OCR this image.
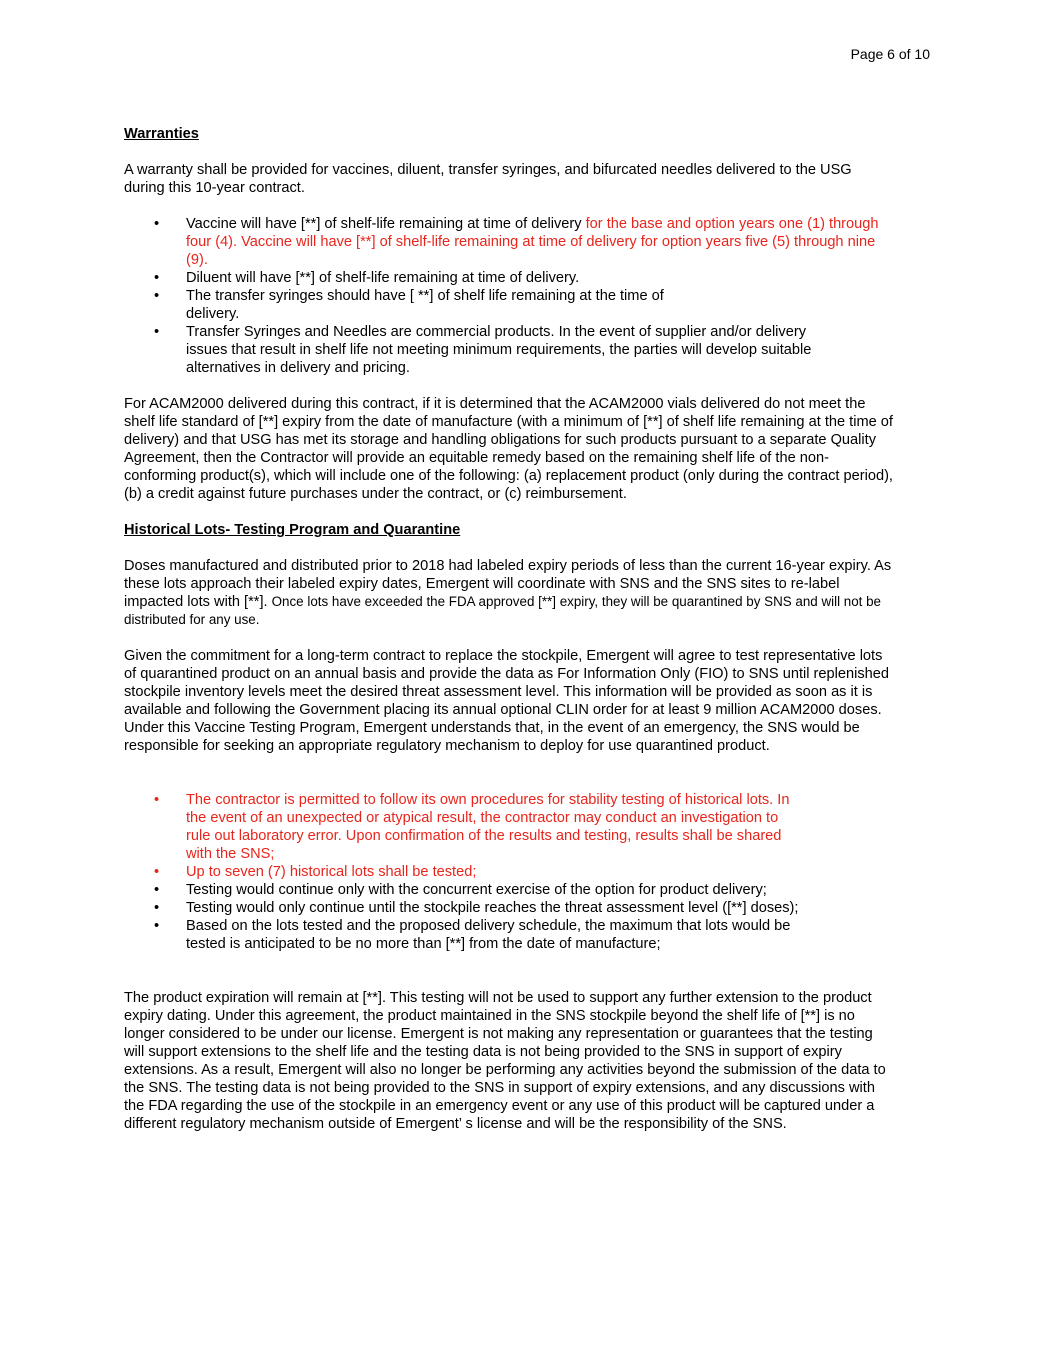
Page 6 of 10
Warranties

A warranty shall be provided for vaccines, diluent, transfer syringes, and bifurcated needles delivered to the USG during this 10-year contract.

• Vaccine will have [**] of shelf-life remaining at time of delivery for the base and option years one (1) through four (4). Vaccine will have [**] of shelf-life remaining at time of delivery for option years five (5) through nine (9).
• Diluent will have [**] of shelf-life remaining at time of delivery.
• The transfer syringes should have [ **] of shelf life remaining at the time of delivery.
• Transfer Syringes and Needles are commercial products. In the event of supplier and/or delivery issues that result in shelf life not meeting minimum requirements, the parties will develop suitable alternatives in delivery and pricing.

For ACAM2000 delivered during this contract, if it is determined that the ACAM2000 vials delivered do not meet the shelf life standard of [**] expiry from the date of manufacture (with a minimum of [**] of shelf life remaining at the time of delivery) and that USG has met its storage and handling obligations for such products pursuant to a separate Quality Agreement, then the Contractor will provide an equitable remedy based on the remaining shelf life of the non-conforming product(s), which will include one of the following: (a) replacement product (only during the contract period), (b) a credit against future purchases under the contract, or (c) reimbursement.

Historical Lots- Testing Program and Quarantine

Doses manufactured and distributed prior to 2018 had labeled expiry periods of less than the current 16-year expiry. As these lots approach their labeled expiry dates, Emergent will coordinate with SNS and the SNS sites to re-label impacted lots with [**]. Once lots have exceeded the FDA approved [**] expiry, they will be quarantined by SNS and will not be distributed for any use.

Given the commitment for a long-term contract to replace the stockpile, Emergent will agree to test representative lots of quarantined product on an annual basis and provide the data as For Information Only (FIO) to SNS until replenished stockpile inventory levels meet the desired threat assessment level. This information will be provided as soon as it is available and following the Government placing its annual optional CLIN order for at least 9 million ACAM2000 doses. Under this Vaccine Testing Program, Emergent understands that, in the event of an emergency, the SNS would be responsible for seeking an appropriate regulatory mechanism to deploy for use quarantined product.

• The contractor is permitted to follow its own procedures for stability testing of historical lots. In the event of an unexpected or atypical result, the contractor may conduct an investigation to rule out laboratory error. Upon confirmation of the results and testing, results shall be shared with the SNS;
• Up to seven (7) historical lots shall be tested;
• Testing would continue only with the concurrent exercise of the option for product delivery;
• Testing would only continue until the stockpile reaches the threat assessment level ([**] doses);
• Based on the lots tested and the proposed delivery schedule, the maximum that lots would be tested is anticipated to be no more than [**] from the date of manufacture;

The product expiration will remain at [**]. This testing will not be used to support any further extension to the product expiry dating. Under this agreement, the product maintained in the SNS stockpile beyond the shelf life of [**] is no longer considered to be under our license. Emergent is not making any representation or guarantees that the testing will support extensions to the shelf life and the testing data is not being provided to the SNS in support of expiry extensions. As a result, Emergent will also no longer be performing any activities beyond the submission of the data to the SNS. The testing data is not being provided to the SNS in support of expiry extensions, and any discussions with the FDA regarding the use of the stockpile in an emergency event or any use of this product will be captured under a different regulatory mechanism outside of Emergent’ s license and will be the responsibility of the SNS.
